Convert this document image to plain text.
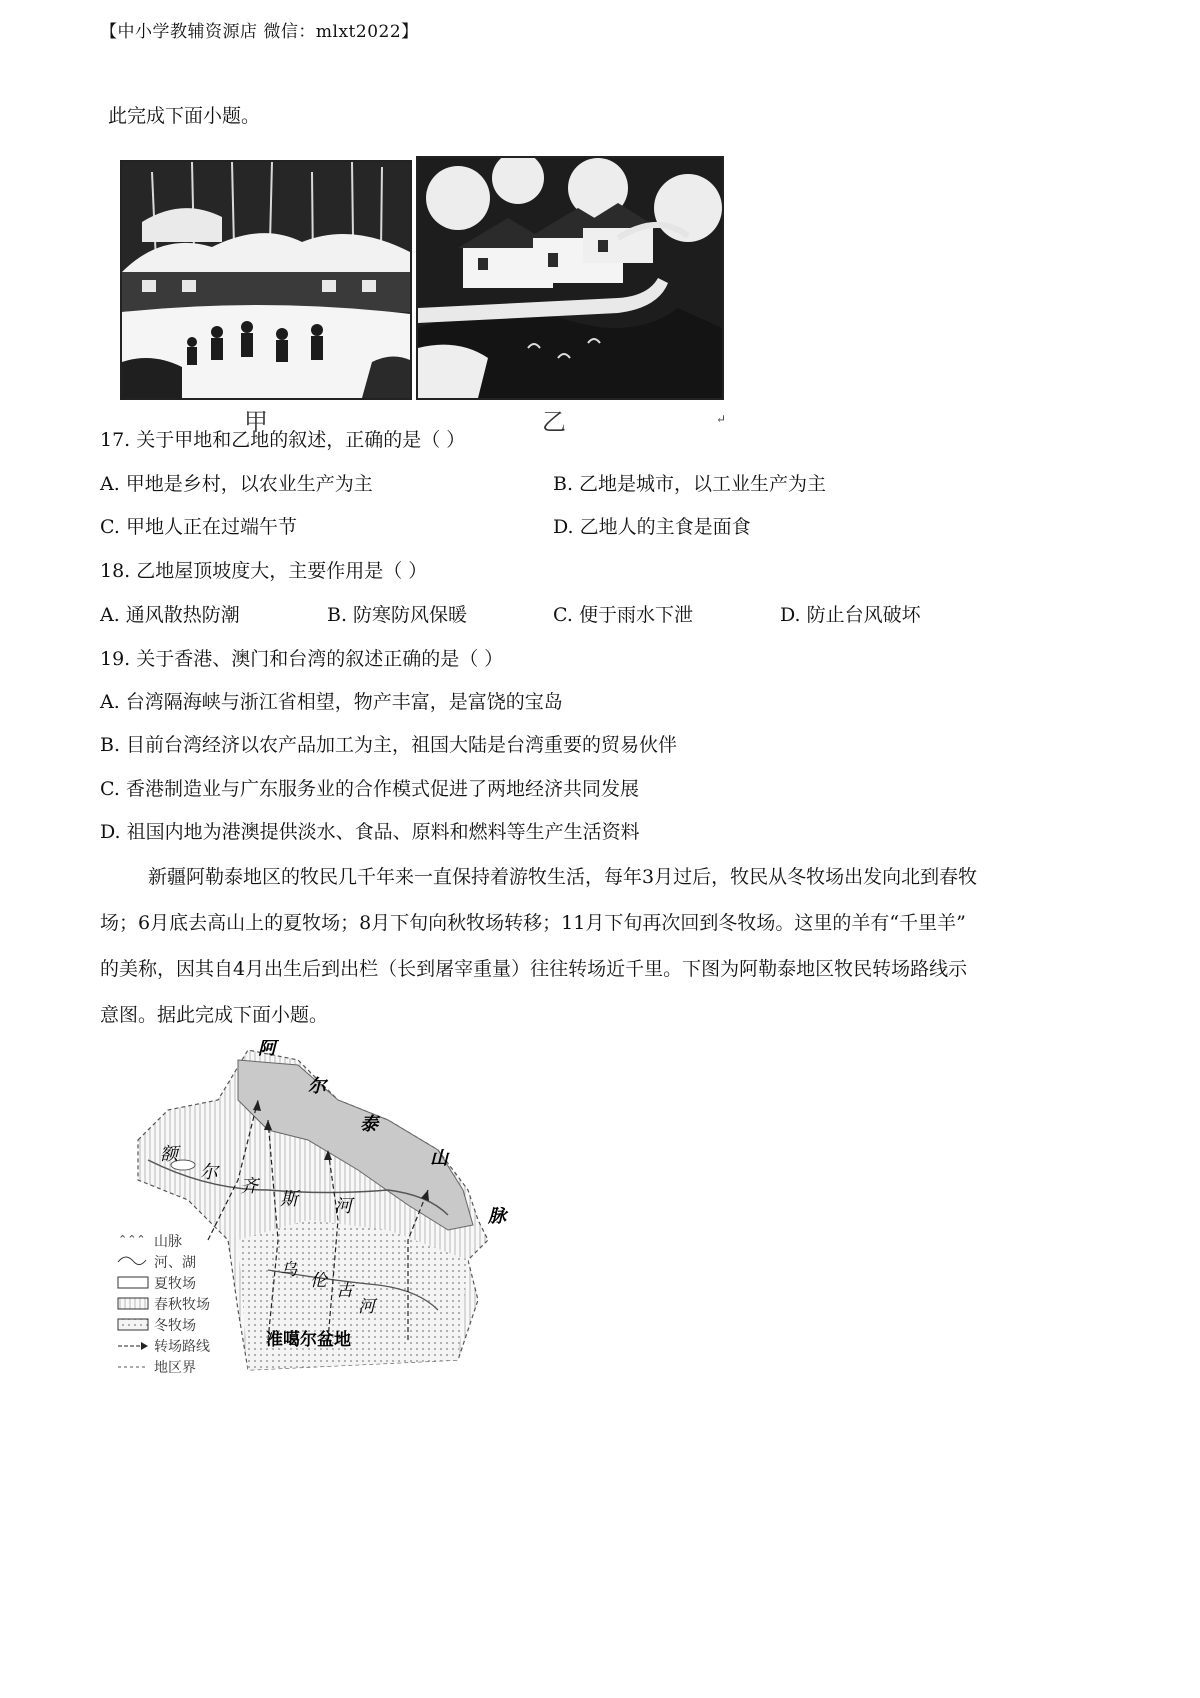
【中小学教辅资源店 微信：mlxt2022】
此完成下面小题。
甲	乙	↵
17. 关于甲地和乙地的叙述，正确的是（ ）
A. 甲地是乡村，以农业生产为主	B. 乙地是城市，以工业生产为主
C. 甲地人正在过端午节	D. 乙地人的主食是面食
18. 乙地屋顶坡度大，主要作用是（ ）
A. 通风散热防潮	B. 防寒防风保暖	C. 便于雨水下泄	D. 防止台风破坏
19. 关于香港、澳门和台湾的叙述正确的是（ ）
A. 台湾隔海峡与浙江省相望，物产丰富，是富饶的宝岛
B. 目前台湾经济以农产品加工为主，祖国大陆是台湾重要的贸易伙伴
C. 香港制造业与广东服务业的合作模式促进了两地经济共同发展
D. 祖国内地为港澳提供淡水、食品、原料和燃料等生产生活资料
新疆阿勒泰地区的牧民几千年来一直保持着游牧生活，每年3月过后，牧民从冬牧场出发向北到春牧
场；6月底去高山上的夏牧场；8月下旬向秋牧场转移；11月下旬再次回到冬牧场。这里的羊有“千里羊”
的美称，因其自4月出生后到出栏（长到屠宰重量）往往转场近千里。下图为阿勒泰地区牧民转场路线示
意图。据此完成下面小题。
阿
尔
泰
山
脉
额
尔
齐
斯 河
乌
伦 古
河
准噶尔盆地
⌃⌃⌃ 山脉
河、湖
夏牧场
春秋牧场
冬牧场
转场路线
地区界
